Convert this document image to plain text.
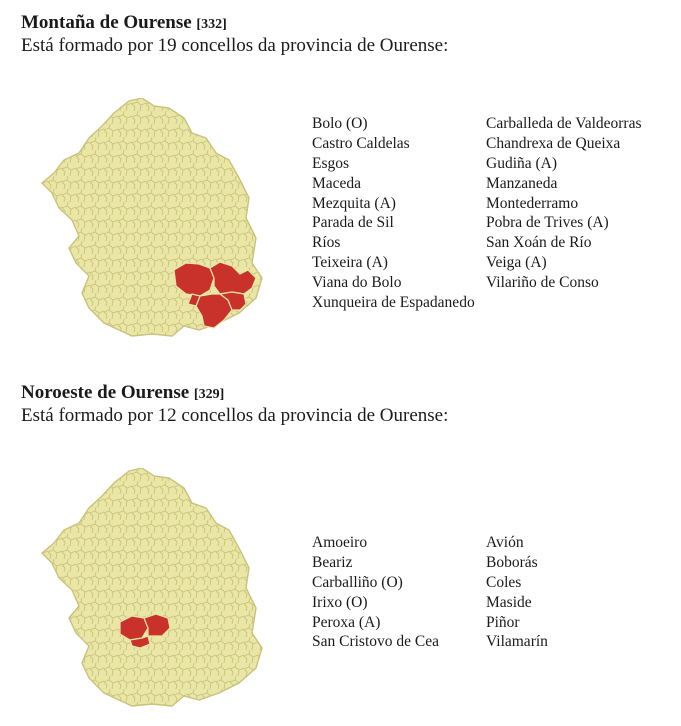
Montaña de Ourense [332]
Está formado por 19 concellos da provincia de Ourense:
Bolo (O)
Castro Caldelas
Esgos
Maceda
Mezquita (A)
Parada de Sil
Ríos
Teixeira (A)
Viana do Bolo
Xunqueira de Espadanedo
Carballeda de Valdeorras
Chandrexa de Queixa
Gudiña (A)
Manzaneda
Montederramo
Pobra de Trives (A)
San Xoán de Río
Veiga (A)
Vilariño de Conso
Noroeste de Ourense [329]
Está formado por 12 concellos da provincia de Ourense:
Amoeiro
Beariz
Carballiño (O)
Irixo (O)
Peroxa (A)
San Cristovo de Cea
Avión
Boborás
Coles
Maside
Piñor
Vilamarín
